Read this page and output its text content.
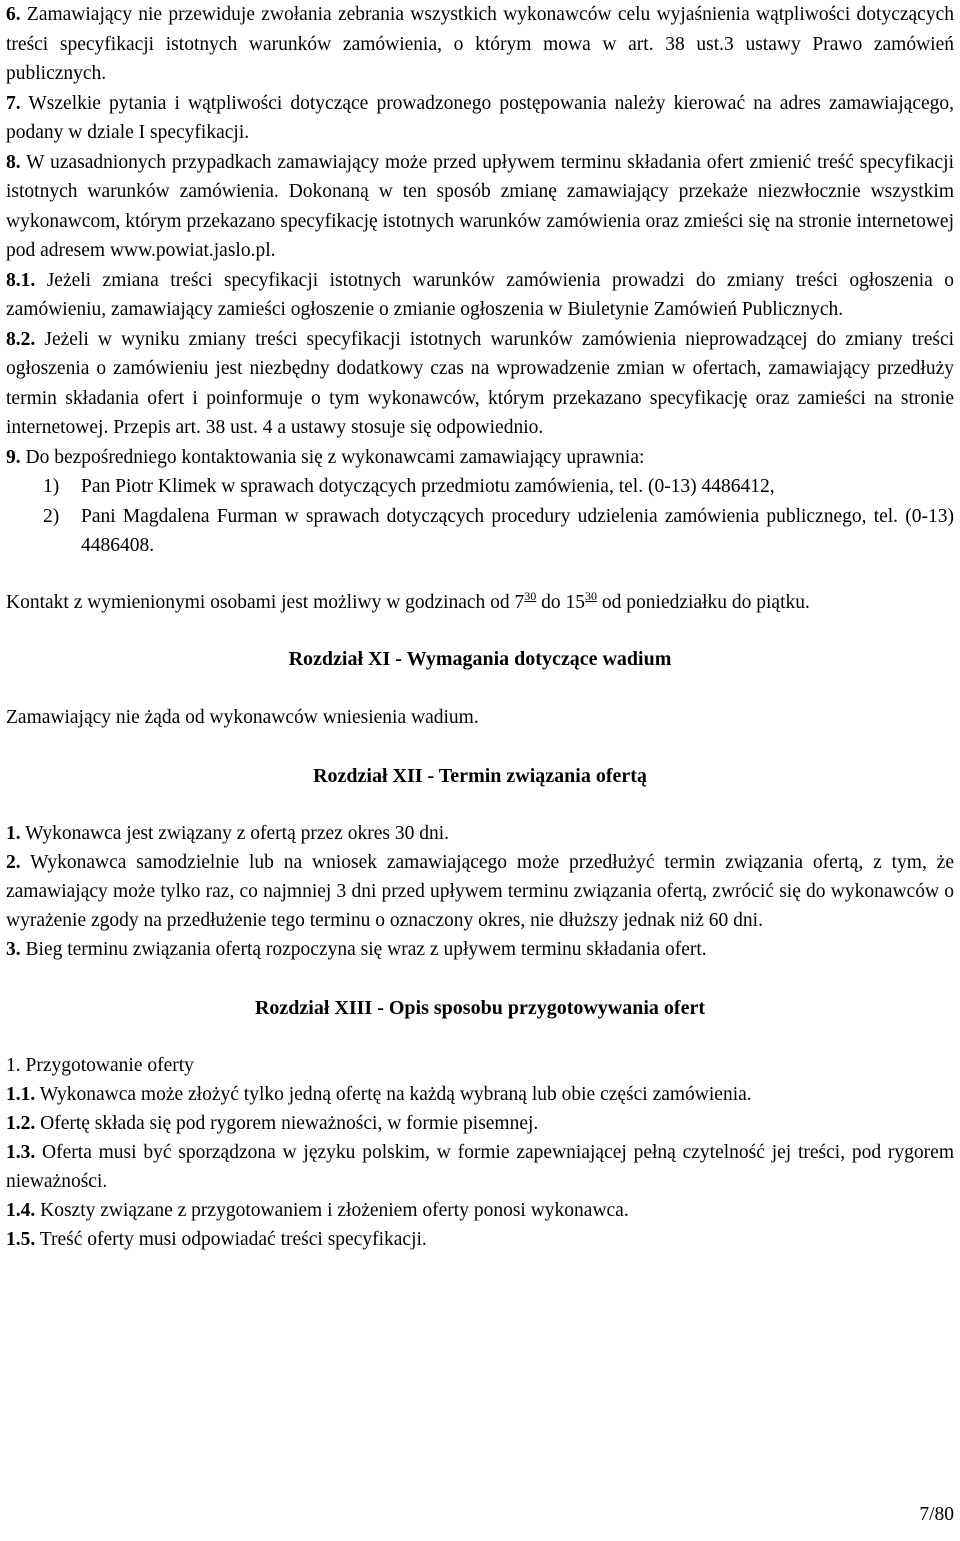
6. Zamawiający nie przewiduje zwołania zebrania wszystkich wykonawców celu wyjaśnienia wątpliwości dotyczących treści specyfikacji istotnych warunków zamówienia, o którym mowa w art. 38 ust.3 ustawy Prawo zamówień publicznych.

7. Wszelkie pytania i wątpliwości dotyczące prowadzonego postępowania należy kierować na adres zamawiającego, podany w dziale I specyfikacji.

8. W uzasadnionych przypadkach zamawiający może przed upływem terminu składania ofert zmienić treść specyfikacji istotnych warunków zamówienia. Dokonaną w ten sposób zmianę zamawiający przekaże niezwłocznie wszystkim wykonawcom, którym przekazano specyfikację istotnych warunków zamówienia oraz zmieści się na stronie internetowej pod adresem www.powiat.jaslo.pl.

8.1. Jeżeli zmiana treści specyfikacji istotnych warunków zamówienia prowadzi do zmiany treści ogłoszenia o zamówieniu, zamawiający zamieści ogłoszenie o zmianie ogłoszenia w Biuletynie Zamówień Publicznych.

8.2. Jeżeli w wyniku zmiany treści specyfikacji istotnych warunków zamówienia nieprowadzącej do zmiany treści ogłoszenia o zamówieniu jest niezbędny dodatkowy czas na wprowadzenie zmian w ofertach, zamawiający przedłuży termin składania ofert i poinformuje o tym wykonawców, którym przekazano specyfikację oraz zamieści na stronie internetowej. Przepis art. 38 ust. 4 a ustawy stosuje się odpowiednio.

9. Do bezpośredniego kontaktowania się z wykonawcami zamawiający uprawnia:

1)	Pan Piotr Klimek w sprawach dotyczących przedmiotu zamówienia, tel. (0-13) 4486412,
2)	Pani Magdalena Furman w sprawach dotyczących procedury udzielenia zamówienia publicznego, tel. (0-13) 4486408.

Kontakt z wymienionymi osobami jest możliwy w godzinach od $7^{30}$ do $15^{30}$ od poniedziałku do piątku.

Rozdział XI - Wymagania dotyczące wadium

Zamawiający nie żąda od wykonawców wniesienia wadium.

Rozdział XII - Termin związania ofertą

1. Wykonawca jest związany z ofertą przez okres 30 dni.

2. Wykonawca samodzielnie lub na wniosek zamawiającego może przedłużyć termin związania ofertą, z tym, że zamawiający może tylko raz, co najmniej 3 dni przed upływem terminu związania ofertą, zwrócić się do wykonawców o wyrażenie zgody na przedłużenie tego terminu o oznaczony okres, nie dłuższy jednak niż 60 dni.

3. Bieg terminu związania ofertą rozpoczyna się wraz z upływem terminu składania ofert.

Rozdział XIII - Opis sposobu przygotowywania ofert

1. Przygotowanie oferty

1.1. Wykonawca może złożyć tylko jedną ofertę na każdą wybraną lub obie części zamówienia.

1.2. Ofertę składa się pod rygorem nieważności, w formie pisemnej.

1.3. Oferta musi być sporządzona w języku polskim, w formie zapewniającej pełną czytelność jej treści, pod rygorem nieważności.

1.4. Koszty związane z przygotowaniem i złożeniem oferty ponosi wykonawca.

1.5. Treść oferty musi odpowiadać treści specyfikacji.

7/80
